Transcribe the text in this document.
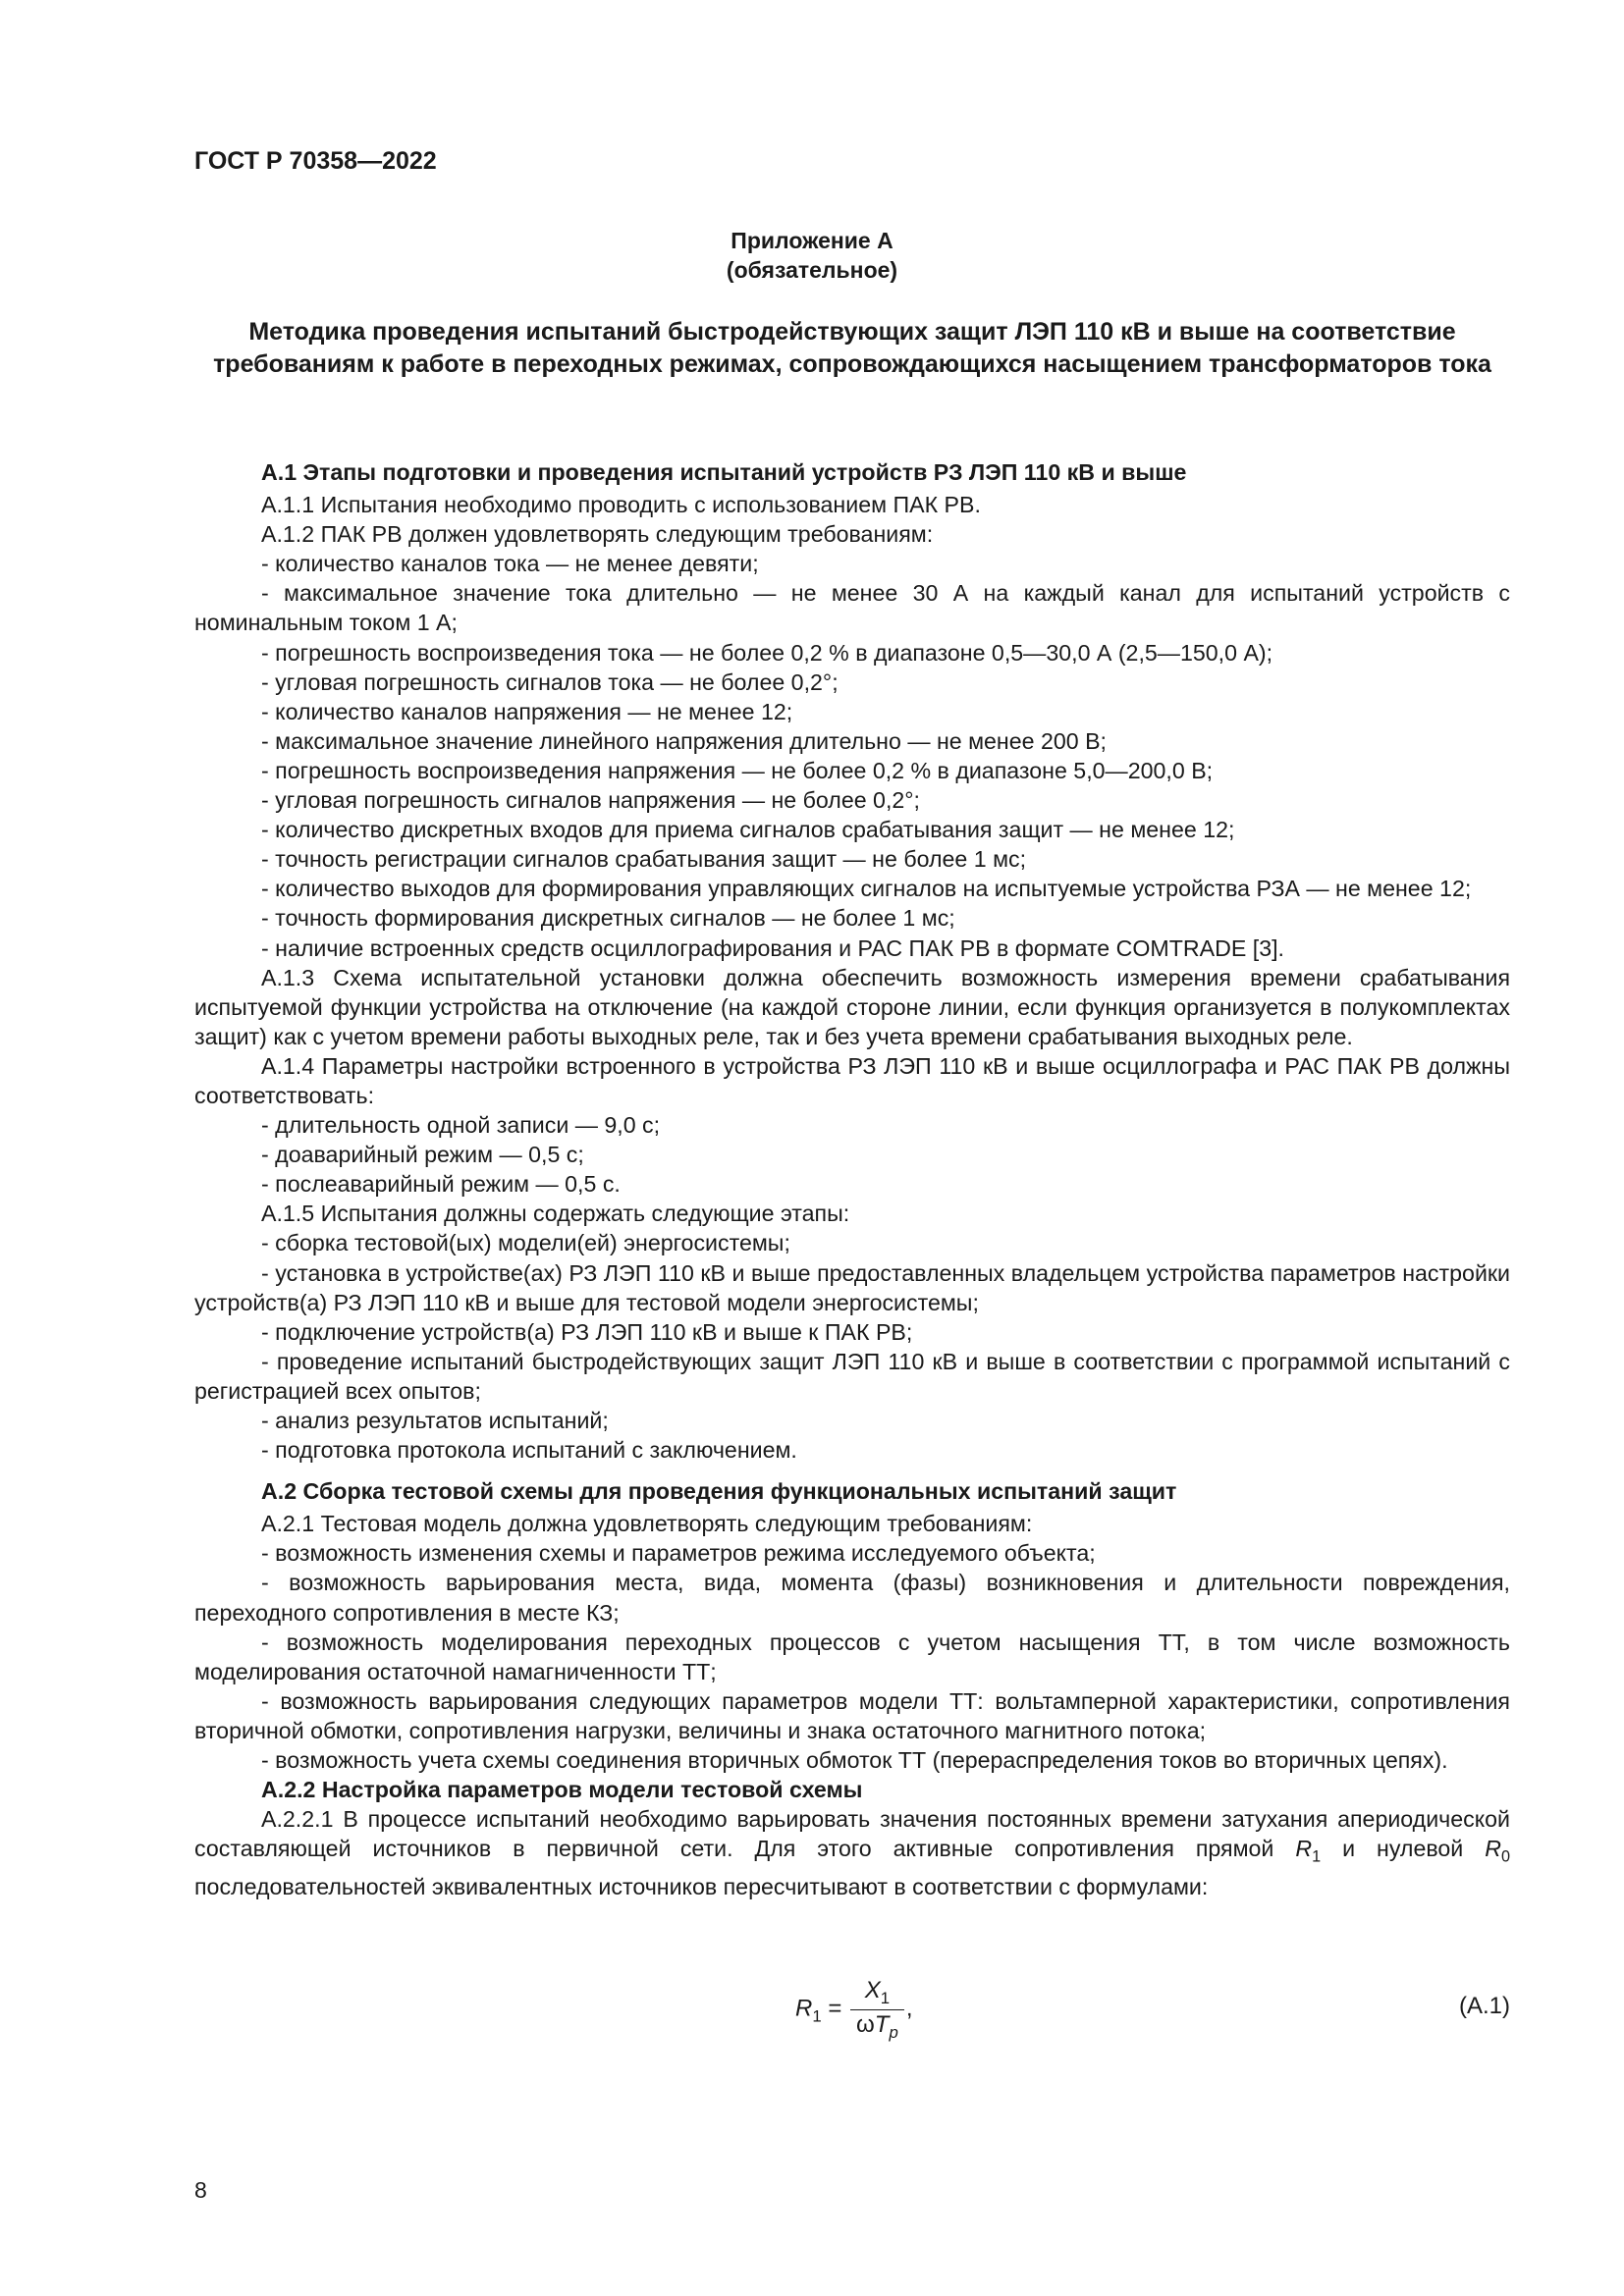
ГОСТ Р 70358—2022
Приложение А
(обязательное)
Методика проведения испытаний быстродействующих защит ЛЭП 110 кВ и выше на соответствие требованиям к работе в переходных режимах, сопровождающихся насыщением трансформаторов тока

А.1 Этапы подготовки и проведения испытаний устройств РЗ ЛЭП 110 кВ и выше

А.1.1 Испытания необходимо проводить с использованием ПАК РВ.

А.1.2 ПАК РВ должен удовлетворять следующим требованиям:

- количество каналов тока — не менее девяти;

- максимальное значение тока длительно — не менее 30 А на каждый канал для испытаний устройств с номинальным током 1 А;

- погрешность воспроизведения тока — не более 0,2 % в диапазоне 0,5—30,0 А (2,5—150,0 А);

- угловая погрешность сигналов тока — не более 0,2°;

- количество каналов напряжения — не менее 12;

- максимальное значение линейного напряжения длительно — не менее 200 В;

- погрешность воспроизведения напряжения — не более 0,2 % в диапазоне 5,0—200,0 В;

- угловая погрешность сигналов напряжения — не более 0,2°;

- количество дискретных входов для приема сигналов срабатывания защит — не менее 12;

- точность регистрации сигналов срабатывания защит — не более 1 мс;

- количество выходов для формирования управляющих сигналов на испытуемые устройства РЗА — не менее 12;

- точность формирования дискретных сигналов — не более 1 мс;

- наличие встроенных средств осциллографирования и РАС ПАК РВ в формате COMTRADE [3].

А.1.3 Схема испытательной установки должна обеспечить возможность измерения времени срабатывания испытуемой функции устройства на отключение (на каждой стороне линии, если функция организуется в полукомплектах защит) как с учетом времени работы выходных реле, так и без учета времени срабатывания выходных реле.

А.1.4 Параметры настройки встроенного в устройства РЗ ЛЭП 110 кВ и выше осциллографа и РАС ПАК РВ должны соответствовать:

- длительность одной записи — 9,0 с;

- доаварийный режим — 0,5 с;

- послеаварийный режим — 0,5 с.

А.1.5 Испытания должны содержать следующие этапы:

- сборка тестовой(ых) модели(ей) энергосистемы;

- установка в устройстве(ах) РЗ ЛЭП 110 кВ и выше предоставленных владельцем устройства параметров настройки устройств(а) РЗ ЛЭП 110 кВ и выше для тестовой модели энергосистемы;

- подключение устройств(а) РЗ ЛЭП 110 кВ и выше к ПАК РВ;

- проведение испытаний быстродействующих защит ЛЭП 110 кВ и выше в соответствии с программой испытаний с регистрацией всех опытов;

- анализ результатов испытаний;

- подготовка протокола испытаний с заключением.

А.2 Сборка тестовой схемы для проведения функциональных испытаний защит

А.2.1 Тестовая модель должна удовлетворять следующим требованиям:

- возможность изменения схемы и параметров режима исследуемого объекта;

- возможность варьирования места, вида, момента (фазы) возникновения и длительности повреждения, переходного сопротивления в месте КЗ;

- возможность моделирования переходных процессов с учетом насыщения ТТ, в том числе возможность моделирования остаточной намагниченности ТТ;

- возможность варьирования следующих параметров модели ТТ: вольтамперной характеристики, сопротивления вторичной обмотки, сопротивления нагрузки, величины и знака остаточного магнитного потока;

- возможность учета схемы соединения вторичных обмоток ТТ (перераспределения токов во вторичных цепях).

А.2.2 Настройка параметров модели тестовой схемы

А.2.2.1 В процессе испытаний необходимо варьировать значения постоянных времени затухания апериодической составляющей источников в первичной сети. Для этого активные сопротивления прямой $R_1$ и нулевой $R_0$ последовательностей эквивалентных источников пересчитывают в соответствии с формулами:

$R_1 = \frac{X_1}{\omega T_p}$ ,	(А.1)
8
